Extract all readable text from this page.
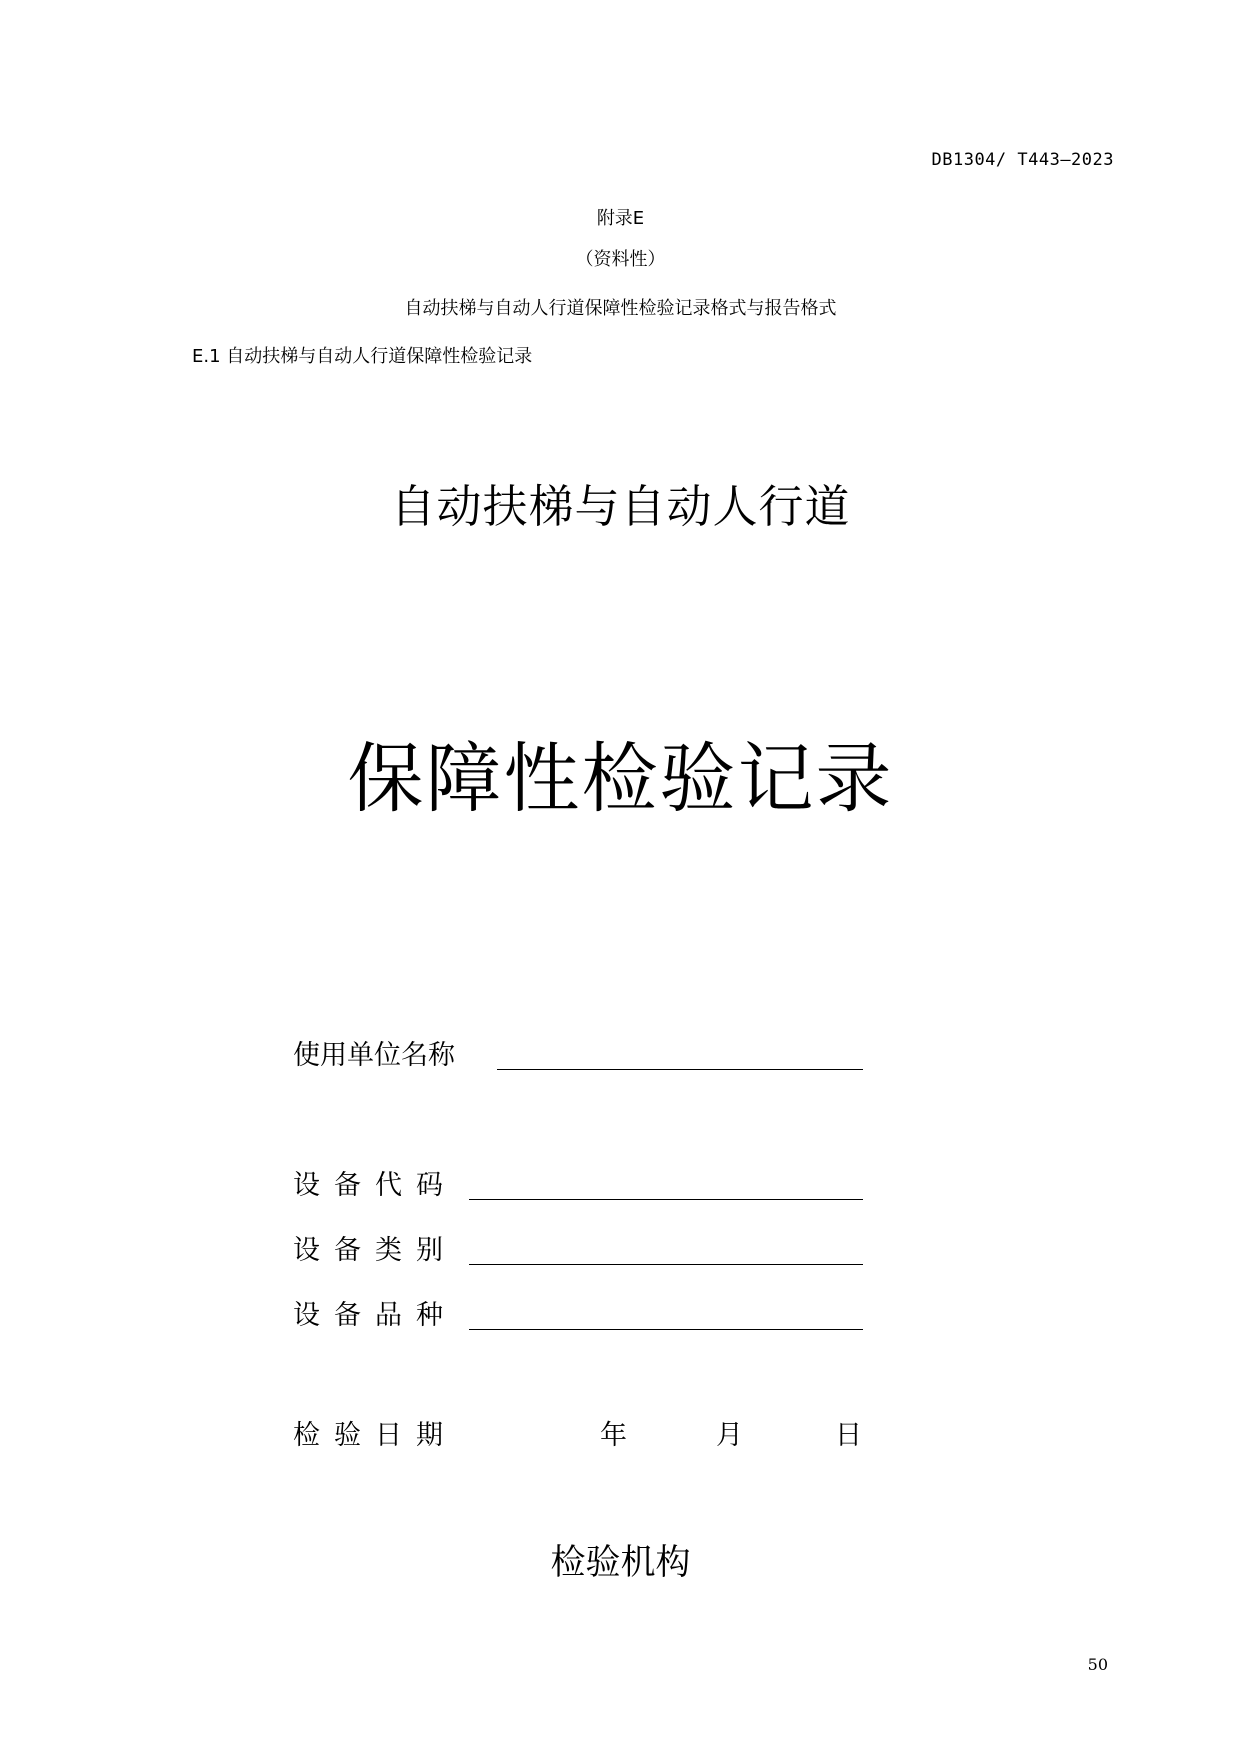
DB1304/ T443—2023
附录E
（资料性）
自动扶梯与自动人行道保障性检验记录格式与报告格式
E.1 自动扶梯与自动人行道保障性检验记录
自动扶梯与自动人行道
保障性检验记录
使用单位名称
设备代码
设备类别
设备品种
检验日期	年	月	日
检验机构
50
